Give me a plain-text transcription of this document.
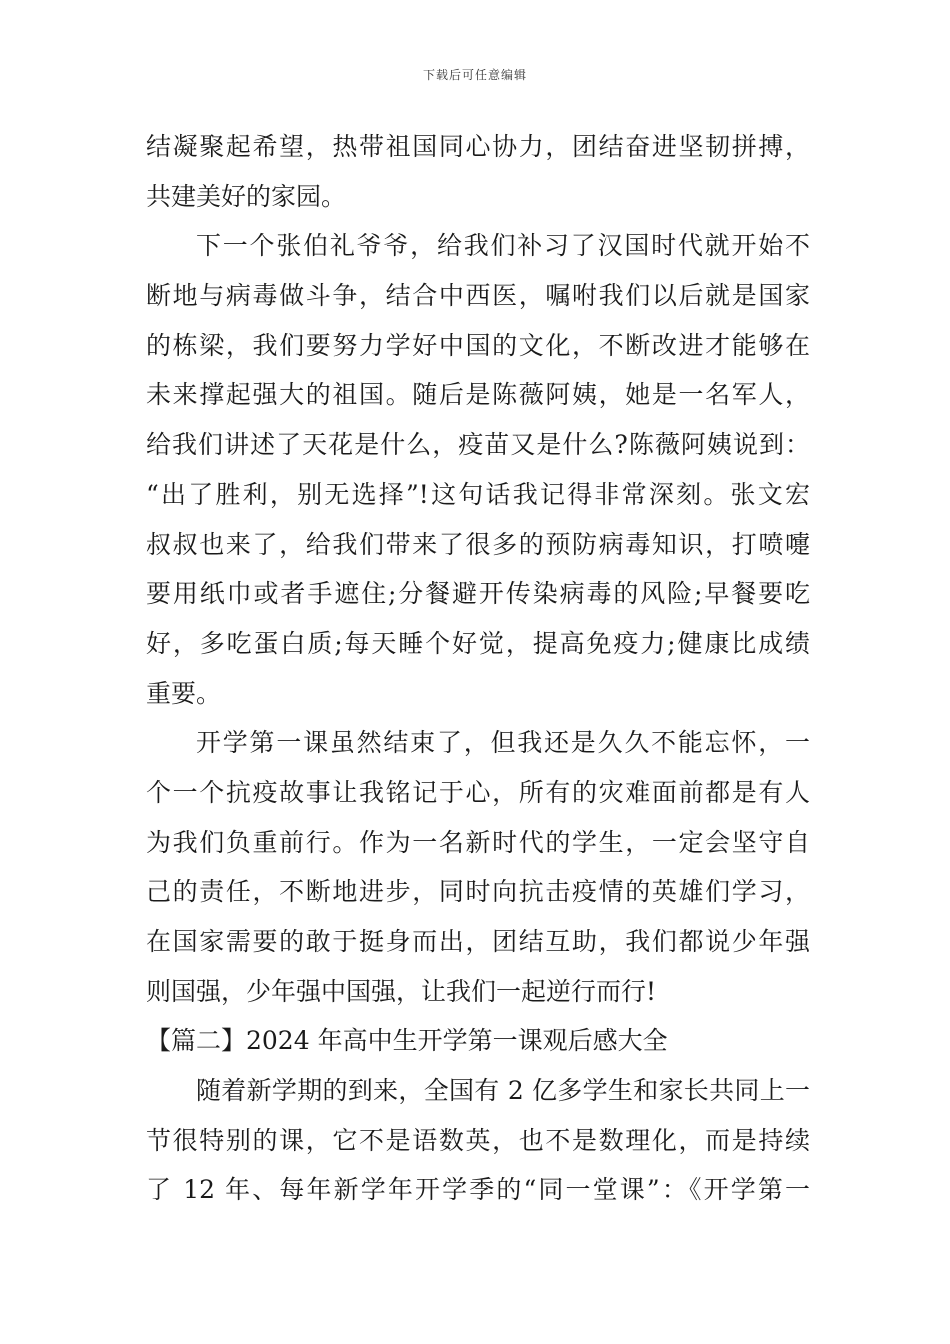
下载后可任意编辑
结凝聚起希望，热带祖国同心协力，团结奋进坚韧拼搏，
共建美好的家园。
下一个张伯礼爷爷，给我们补习了汉国时代就开始不
断地与病毒做斗争，结合中西医，嘱咐我们以后就是国家
的栋梁，我们要努力学好中国的文化，不断改进才能够在
未来撑起强大的祖国。随后是陈薇阿姨，她是一名军人，
给我们讲述了天花是什么，疫苗又是什么?陈薇阿姨说到：
“出了胜利，别无选择”!这句话我记得非常深刻。张文宏
叔叔也来了，给我们带来了很多的预防病毒知识，打喷嚏
要用纸巾或者手遮住;分餐避开传染病毒的风险;早餐要吃
好，多吃蛋白质;每天睡个好觉，提高免疫力;健康比成绩
重要。
开学第一课虽然结束了，但我还是久久不能忘怀，一
个一个抗疫故事让我铭记于心，所有的灾难面前都是有人
为我们负重前行。作为一名新时代的学生，一定会坚守自
己的责任，不断地进步，同时向抗击疫情的英雄们学习，
在国家需要的敢于挺身而出，团结互助，我们都说少年强
则国强，少年强中国强，让我们一起逆行而行!
【篇二】2024 年高中生开学第一课观后感大全
随着新学期的到来，全国有 2 亿多学生和家长共同上一
节很特别的课，它不是语数英，也不是数理化，而是持续
了 12 年、每年新学年开学季的“同一堂课”：《开学第一
